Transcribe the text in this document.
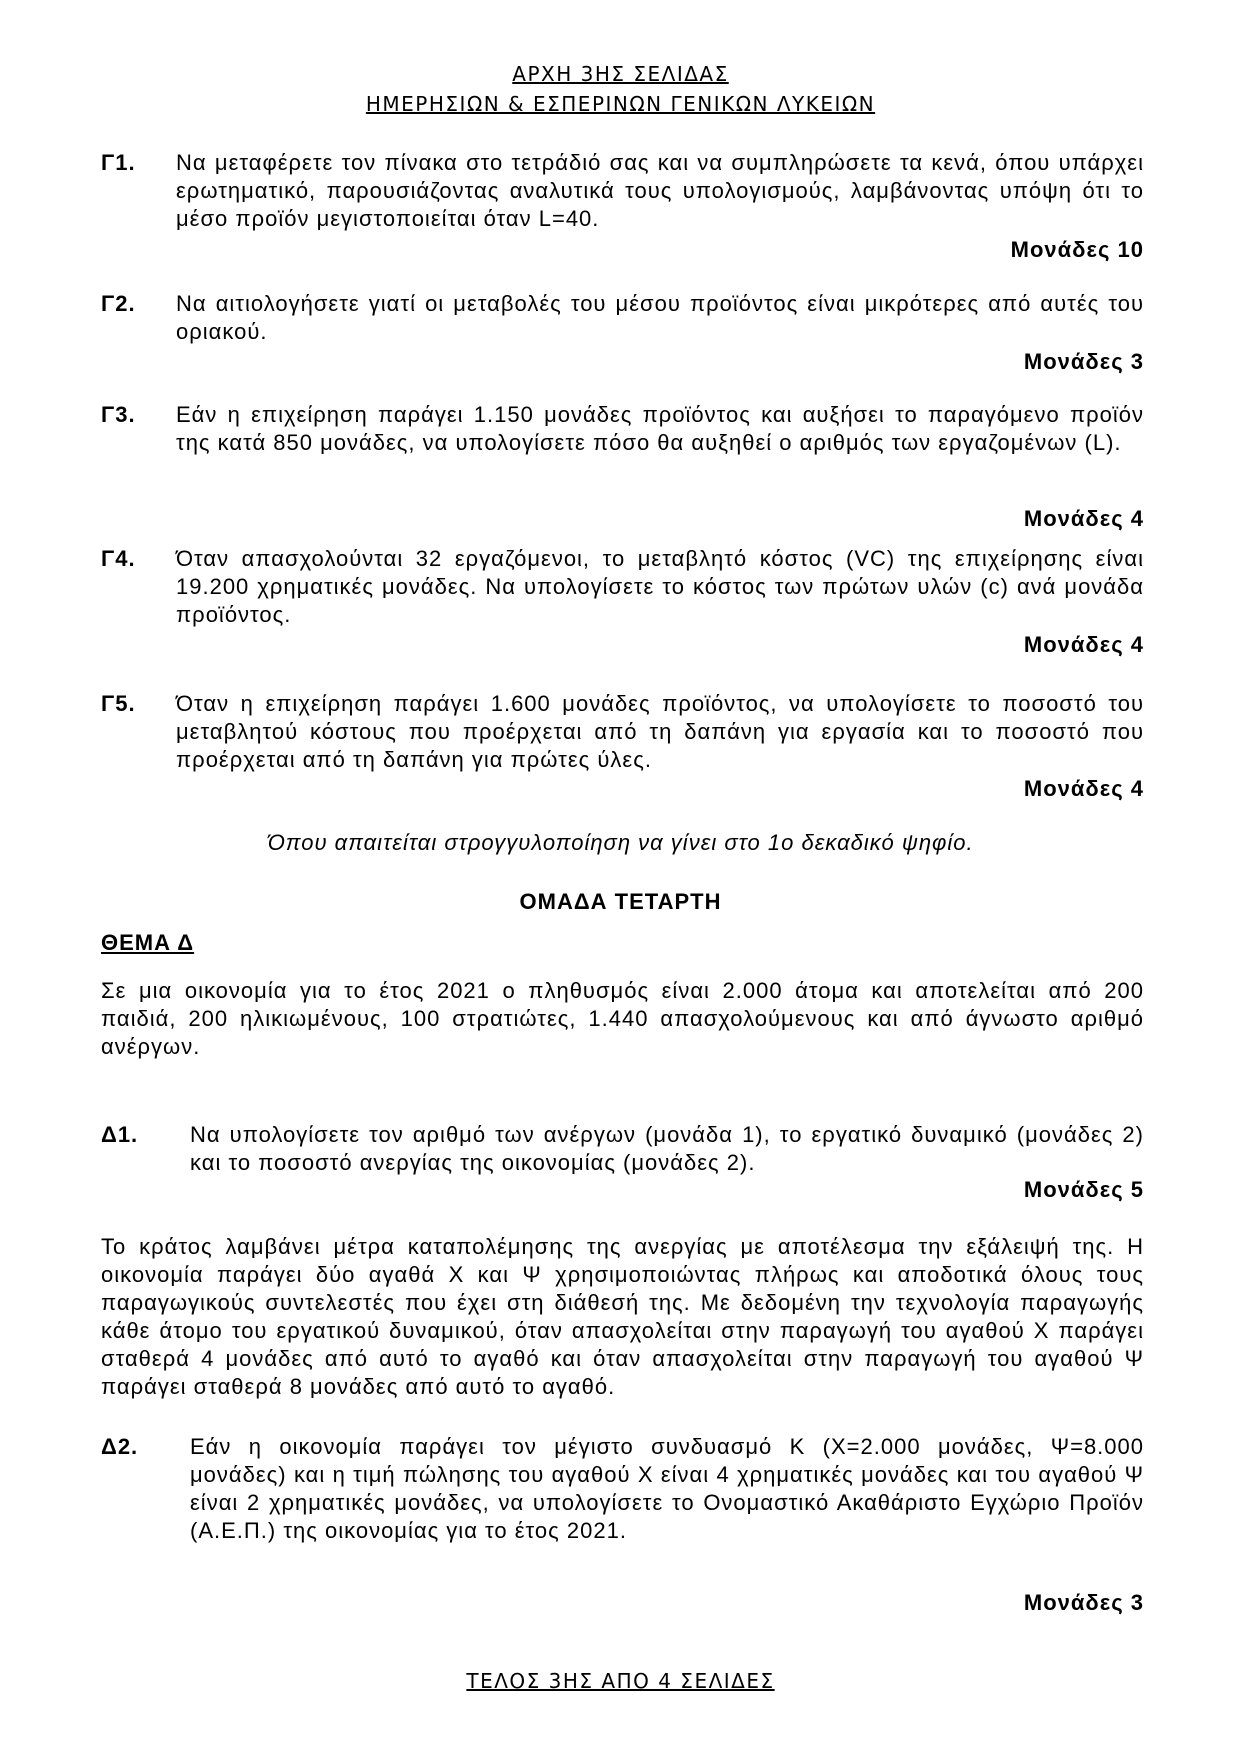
ΑΡΧΗ 3ΗΣ ΣΕΛΙΔΑΣ
ΗΜΕΡΗΣΙΩΝ & ΕΣΠΕΡΙΝΩΝ ΓΕΝΙΚΩΝ ΛΥΚΕΙΩΝ
Γ1. Να μεταφέρετε τον πίνακα στο τετράδιό σας και να συμπληρώσετε τα κενά, όπου υπάρχει ερωτηματικό, παρουσιάζοντας αναλυτικά τους υπολογισμούς, λαμβάνοντας υπόψη ότι το μέσο προϊόν μεγιστοποιείται όταν L=40.
Μονάδες 10
Γ2. Να αιτιολογήσετε γιατί οι μεταβολές του μέσου προϊόντος είναι μικρότερες από αυτές του οριακού.
Μονάδες 3
Γ3. Εάν η επιχείρηση παράγει 1.150 μονάδες προϊόντος και αυξήσει το παραγόμενο προϊόν της κατά 850 μονάδες, να υπολογίσετε πόσο θα αυξηθεί ο αριθμός των εργαζομένων (L).
Μονάδες 4
Γ4. Όταν απασχολούνται 32 εργαζόμενοι, το μεταβλητό κόστος (VC) της επιχείρησης είναι 19.200 χρηματικές μονάδες. Να υπολογίσετε το κόστος των πρώτων υλών (c) ανά μονάδα προϊόντος.
Μονάδες 4
Γ5. Όταν η επιχείρηση παράγει 1.600 μονάδες προϊόντος, να υπολογίσετε το ποσοστό του μεταβλητού κόστους που προέρχεται από τη δαπάνη για εργασία και το ποσοστό που προέρχεται από τη δαπάνη για πρώτες ύλες.
Μονάδες 4
Όπου απαιτείται στρογγυλοποίηση να γίνει στο 1ο δεκαδικό ψηφίο.
ΟΜΑΔΑ ΤΕΤΑΡΤΗ
ΘΕΜΑ Δ
Σε μια οικονομία για το έτος 2021 ο πληθυσμός είναι 2.000 άτομα και αποτελείται από 200 παιδιά, 200 ηλικιωμένους, 100 στρατιώτες, 1.440 απασχολούμενους και από άγνωστο αριθμό ανέργων.
Δ1. Να υπολογίσετε τον αριθμό των ανέργων (μονάδα 1), το εργατικό δυναμικό (μονάδες 2) και το ποσοστό ανεργίας της οικονομίας (μονάδες 2).
Μονάδες 5
Το κράτος λαμβάνει μέτρα καταπολέμησης της ανεργίας με αποτέλεσμα την εξάλειψή της. Η οικονομία παράγει δύο αγαθά Χ και Ψ χρησιμοποιώντας πλήρως και αποδοτικά όλους τους παραγωγικούς συντελεστές που έχει στη διάθεσή της. Με δεδομένη την τεχνολογία παραγωγής κάθε άτομο του εργατικού δυναμικού, όταν απασχολείται στην παραγωγή του αγαθού Χ παράγει σταθερά 4 μονάδες από αυτό το αγαθό και όταν απασχολείται στην παραγωγή του αγαθού Ψ παράγει σταθερά 8 μονάδες από αυτό το αγαθό.
Δ2. Εάν η οικονομία παράγει τον μέγιστο συνδυασμό Κ (Χ=2.000 μονάδες, Ψ=8.000 μονάδες) και η τιμή πώλησης του αγαθού Χ είναι 4 χρηματικές μονάδες και του αγαθού Ψ είναι 2 χρηματικές μονάδες, να υπολογίσετε το Ονομαστικό Ακαθάριστο Εγχώριο Προϊόν (Α.Ε.Π.) της οικονομίας για το έτος 2021.
Μονάδες 3
ΤΕΛΟΣ 3ΗΣ ΑΠΟ 4 ΣΕΛΙΔΕΣ
